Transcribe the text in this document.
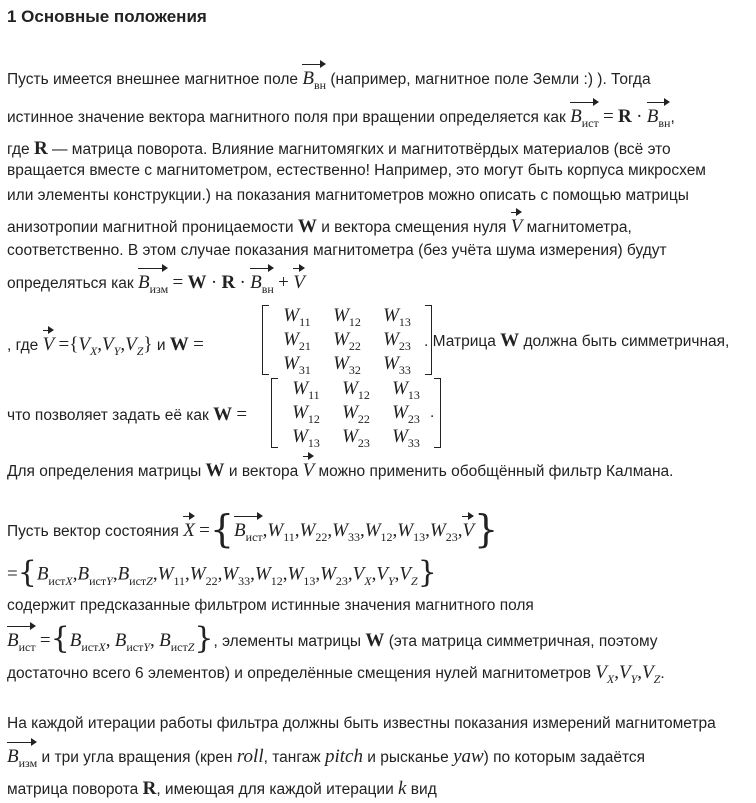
1 Основные положения
Пусть имеется внешнее магнитное поле $B_{вн}$ (например, магнитное поле Земли :) ). Тогда
истинное значение вектора магнитного поля при вращении определяется как $B_{ист} = R \cdot B_{вн}$,
где R — матрица поворота. Влияние магнитомягких и магнитотвёрдых материалов (всё это
вращается вместе с магнитометром, естественно! Например, это могут быть корпуса микросхем
или элементы конструкции.) на показания магнитометров можно описать с помощью матрицы
анизотропии магнитной проницаемости W и вектора смещения нуля V магнитометра,
соответственно. В этом случае показания магнитометра (без учёта шума измерения) будут
определяться как $B_{изм} = W \cdot R \cdot B_{вн} + V$
, где $V =\{V_X,V_Y,V_Z\}$ и W =
$W_{11}$	$W_{12}$	$W_{13}$
$W_{21}$	$W_{22}$	$W_{23}$
$W_{31}$	$W_{32}$	$W_{33}$
. Матрица W должна быть симметричная,
что позволяет задать её как W =
$W_{11}$	$W_{12}$	$W_{13}$
$W_{12}$	$W_{22}$	$W_{23}$
$W_{13}$	$W_{23}$	$W_{33}$
.
Для определения матрицы W и вектора V можно применить обобщённый фильтр Калмана.
Пусть вектор состояния $X =\{B_{ист},W_{11},W_{22},W_{33},W_{12},W_{13},W_{23},V\}$
$=\{B_{истX},B_{истY},B_{истZ},W_{11},W_{22},W_{33},W_{12},W_{13},W_{23},V_X,V_Y,V_Z\}$
содержит предсказанные фильтром истинные значения магнитного поля
$B_{ист} =\{B_{истX}$, $B_{истY}$, $B_{истZ}$}, элементы матрицы W (эта матрица симметричная, поэтому
достаточно всего 6 элементов) и определённые смещения нулей магнитометров $V_X,V_Y,V_Z$.
На каждой итерации работы фильтра должны быть известны показания измерений магнитометра
$B_{изм}$ и три угла вращения (крен roll, тангаж pitch и рысканье yaw) по которым задаётся
матрица поворота R, имеющая для каждой итерации k вид
